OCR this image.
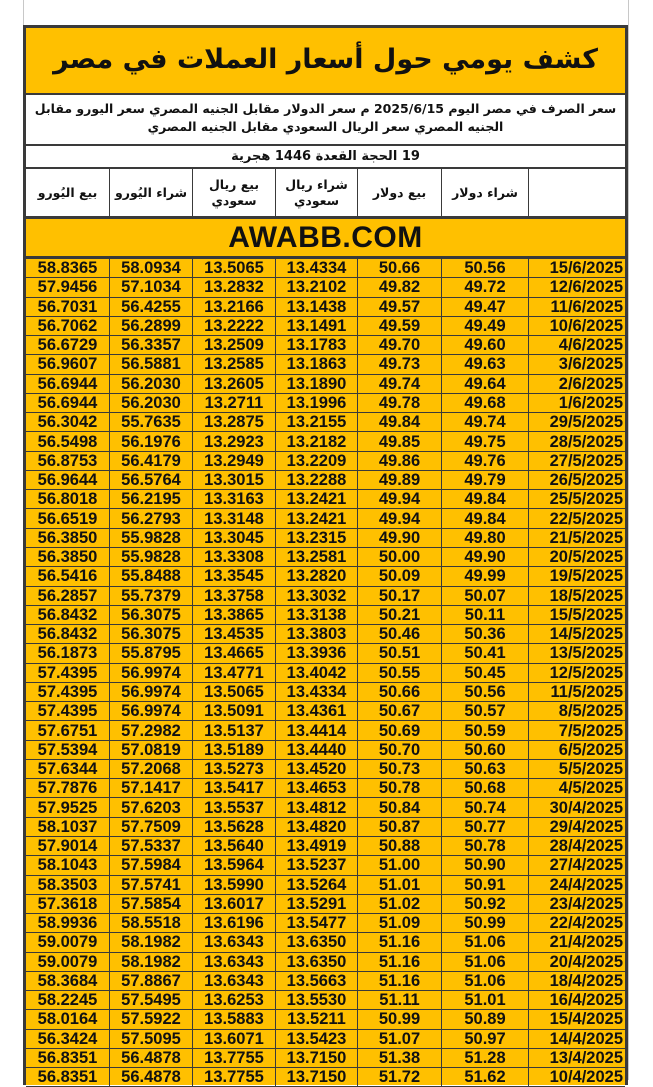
كشف يومي حول أسعار العملات في مصر
سعر الصرف في مصر اليوم 2025/6/15 م سعر الدولار مقابل الجنيه المصري سعر اليورو مقابل الجنيه المصري سعر الريال السعودي مقابل الجنيه المصري
19 الحجة القعدة 1446 هجرية
شراء دولار
بيع دولار
شراء ريال سعودي
بيع ريال سعودي
شراء اليُورو
بيع اليُورو
AWABB.COM
15/6/2025
50.56
50.66
13.4334
13.5065
58.0934
58.8365
12/6/2025
49.72
49.82
13.2102
13.2832
57.1034
57.9456
11/6/2025
49.47
49.57
13.1438
13.2166
56.4255
56.7031
10/6/2025
49.49
49.59
13.1491
13.2222
56.2899
56.7062
4/6/2025
49.60
49.70
13.1783
13.2509
56.3357
56.6729
3/6/2025
49.63
49.73
13.1863
13.2585
56.5881
56.9607
2/6/2025
49.64
49.74
13.1890
13.2605
56.2030
56.6944
1/6/2025
49.68
49.78
13.1996
13.2711
56.2030
56.6944
29/5/2025
49.74
49.84
13.2155
13.2875
55.7635
56.3042
28/5/2025
49.75
49.85
13.2182
13.2923
56.1976
56.5498
27/5/2025
49.76
49.86
13.2209
13.2949
56.4179
56.8753
26/5/2025
49.79
49.89
13.2288
13.3015
56.5764
56.9644
25/5/2025
49.84
49.94
13.2421
13.3163
56.2195
56.8018
22/5/2025
49.84
49.94
13.2421
13.3148
56.2793
56.6519
21/5/2025
49.80
49.90
13.2315
13.3045
55.9828
56.3850
20/5/2025
49.90
50.00
13.2581
13.3308
55.9828
56.3850
19/5/2025
49.99
50.09
13.2820
13.3545
55.8488
56.5416
18/5/2025
50.07
50.17
13.3032
13.3758
55.7379
56.2857
15/5/2025
50.11
50.21
13.3138
13.3865
56.3075
56.8432
14/5/2025
50.36
50.46
13.3803
13.4535
56.3075
56.8432
13/5/2025
50.41
50.51
13.3936
13.4665
55.8795
56.1873
12/5/2025
50.45
50.55
13.4042
13.4771
56.9974
57.4395
11/5/2025
50.56
50.66
13.4334
13.5065
56.9974
57.4395
8/5/2025
50.57
50.67
13.4361
13.5091
56.9974
57.4395
7/5/2025
50.59
50.69
13.4414
13.5137
57.2982
57.6751
6/5/2025
50.60
50.70
13.4440
13.5189
57.0819
57.5394
5/5/2025
50.63
50.73
13.4520
13.5273
57.2068
57.6344
4/5/2025
50.68
50.78
13.4653
13.5417
57.1417
57.7876
30/4/2025
50.74
50.84
13.4812
13.5537
57.6203
57.9525
29/4/2025
50.77
50.87
13.4820
13.5628
57.7509
58.1037
28/4/2025
50.78
50.88
13.4919
13.5640
57.5337
57.9014
27/4/2025
50.90
51.00
13.5237
13.5964
57.5984
58.1043
24/4/2025
50.91
51.01
13.5264
13.5990
57.5741
58.3503
23/4/2025
50.92
51.02
13.5291
13.6017
57.5854
57.3618
22/4/2025
50.99
51.09
13.5477
13.6196
58.5518
58.9936
21/4/2025
51.06
51.16
13.6350
13.6343
58.1982
59.0079
20/4/2025
51.06
51.16
13.6350
13.6343
58.1982
59.0079
18/4/2025
51.06
51.16
13.5663
13.6343
57.8867
58.3684
16/4/2025
51.01
51.11
13.5530
13.6253
57.5495
58.2245
15/4/2025
50.89
50.99
13.5211
13.5883
57.5922
58.0164
14/4/2025
50.97
51.07
13.5423
13.6071
57.5095
56.3424
13/4/2025
51.28
51.38
13.7150
13.7755
56.4878
56.8351
10/4/2025
51.62
51.72
13.7150
13.7755
56.4878
56.8351
